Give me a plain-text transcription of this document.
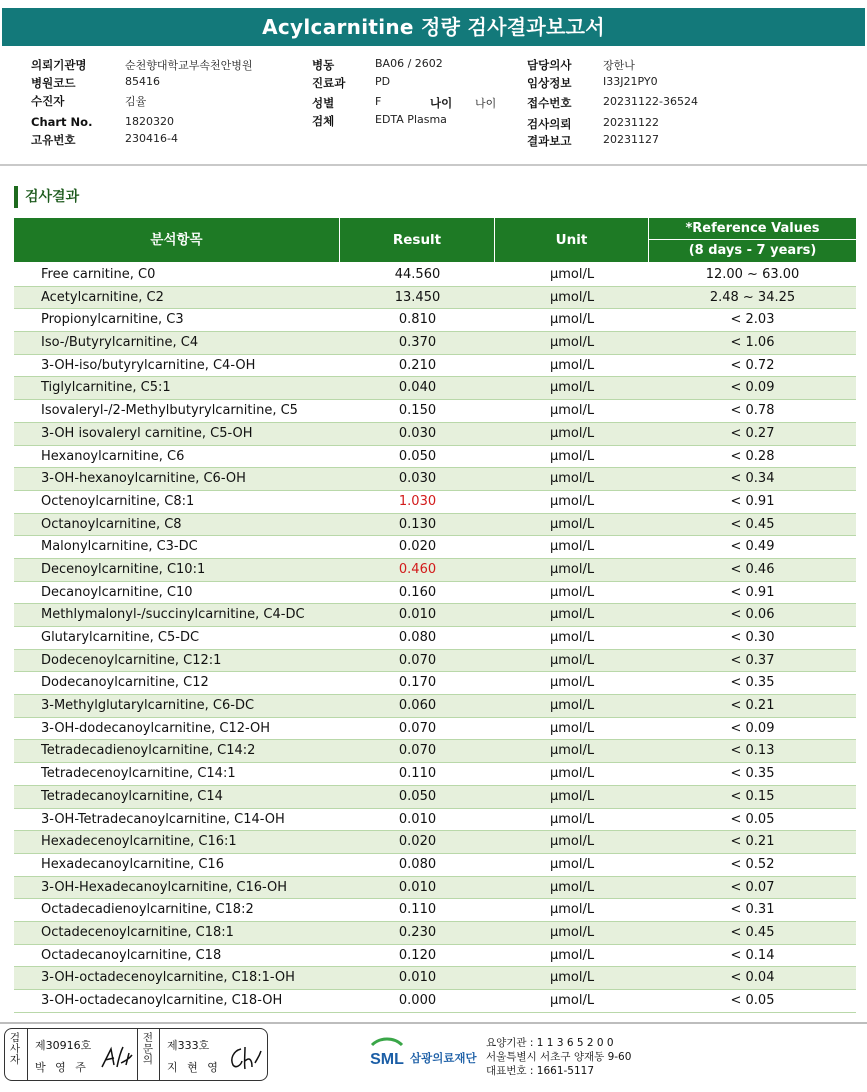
Acylcarnitine 정량 검사결과보고서
의뢰기관명	순천향대학교부속천안병원
병원코드	85416
수진자	김율
Chart No.	1820320
고유번호	230416-4
병동	BA06 / 2602
진료과	PD
성별	F	나이 나이
검체	EDTA Plasma
담당의사	장한나
임상정보	I33J21PY0
접수번호	20231122-36524
검사의뢰	20231122
결과보고	20231127
검사결과
분석항목	Result	Unit
*Reference Values
(8 days - 7 years)
Free carnitine, C0	44.560	μmol/L	12.00 ~ 63.00
Acetylcarnitine, C2	13.450	μmol/L	2.48 ~ 34.25
Propionylcarnitine, C3	0.810	μmol/L	< 2.03
Iso-/Butyrylcarnitine, C4	0.370	μmol/L	< 1.06
3-OH-iso/butyrylcarnitine, C4-OH	0.210	μmol/L	< 0.72
Tiglylcarnitine, C5:1	0.040	μmol/L	< 0.09
Isovaleryl-/2-Methylbutyrylcarnitine, C5	0.150	μmol/L	< 0.78
3-OH isovaleryl carnitine, C5-OH	0.030	μmol/L	< 0.27
Hexanoylcarnitine, C6	0.050	μmol/L	< 0.28
3-OH-hexanoylcarnitine, C6-OH	0.030	μmol/L	< 0.34
Octenoylcarnitine, C8:1	1.030	μmol/L	< 0.91
Octanoylcarnitine, C8	0.130	μmol/L	< 0.45
Malonylcarnitine, C3-DC	0.020	μmol/L	< 0.49
Decenoylcarnitine, C10:1	0.460	μmol/L	< 0.46
Decanoylcarnitine, C10	0.160	μmol/L	< 0.91
Methlymalonyl-/succinylcarnitine, C4-DC	0.010	μmol/L	< 0.06
Glutarylcarnitine, C5-DC	0.080	μmol/L	< 0.30
Dodecenoylcarnitine, C12:1	0.070	μmol/L	< 0.37
Dodecanoylcarnitine, C12	0.170	μmol/L	< 0.35
3-Methylglutarylcarnitine, C6-DC	0.060	μmol/L	< 0.21
3-OH-dodecanoylcarnitine, C12-OH	0.070	μmol/L	< 0.09
Tetradecadienoylcarnitine, C14:2	0.070	μmol/L	< 0.13
Tetradecenoylcarnitine, C14:1	0.110	μmol/L	< 0.35
Tetradecanoylcarnitine, C14	0.050	μmol/L	< 0.15
3-OH-Tetradecanoylcarnitine, C14-OH	0.010	μmol/L	< 0.05
Hexadecenoylcarnitine, C16:1	0.020	μmol/L	< 0.21
Hexadecanoylcarnitine, C16	0.080	μmol/L	< 0.52
3-OH-Hexadecanoylcarnitine, C16-OH	0.010	μmol/L	< 0.07
Octadecadienoylcarnitine, C18:2	0.110	μmol/L	< 0.31
Octadecenoylcarnitine, C18:1	0.230	μmol/L	< 0.45
Octadecanoylcarnitine, C18	0.120	μmol/L	< 0.14
3-OH-octadecenoylcarnitine, C18:1-OH	0.010	μmol/L	< 0.04
3-OH-octadecanoylcarnitine, C18-OH	0.000	μmol/L	< 0.05
검
사
자
제30916호
박 영 주
전
문
의
제333호
지 현 영	SML 삼광의료재단
요양기관 : 1 1 3 6 5 2 0 0
서울특별시 서초구 양재동 9-60
대표번호 : 1661-5117
